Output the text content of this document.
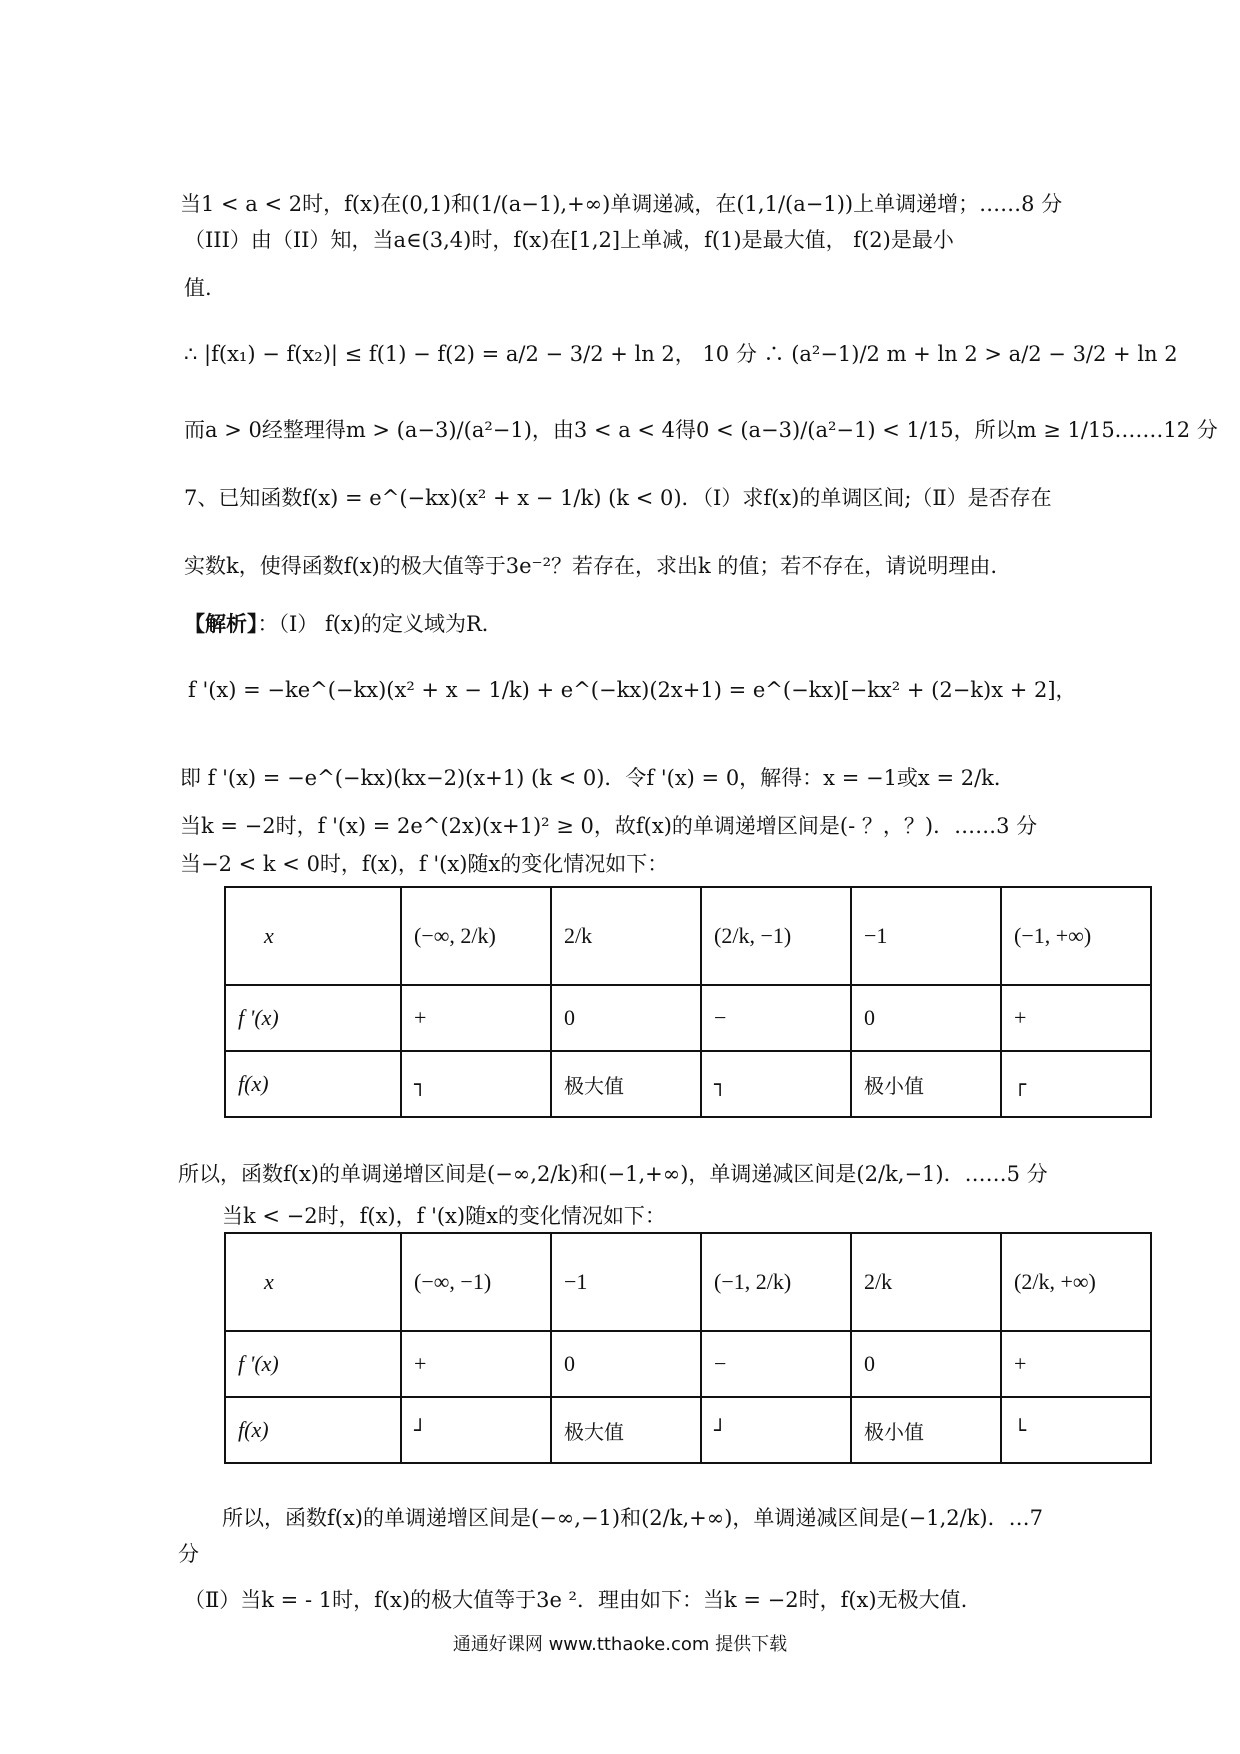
当1 < a < 2时，f(x)在(0,1)和(1/(a−1),+∞)单调递减，在(1,1/(a−1))上单调递增；……8 分
（III）由（II）知，当a∈(3,4)时，f(x)在[1,2]上单减，f(1)是最大值， f(2)是最小
值.
∴ |f(x₁) − f(x₂)| ≤ f(1) − f(2) = a/2 − 3/2 + ln 2， 10 分 ∴ (a²−1)/2 m + ln 2 > a/2 − 3/2 + ln 2
而a > 0经整理得m > (a−3)/(a²−1)，由3 < a < 4得0 < (a−3)/(a²−1) < 1/15，所以m ≥ 1/15.……12 分
7、已知函数f(x) = e^(−kx)(x² + x − 1/k) (k < 0)．（Ⅰ）求f(x)的单调区间;（Ⅱ）是否存在
实数k，使得函数f(x)的极大值等于3e⁻²？若存在，求出k 的值；若不存在，请说明理由.
【解析】：（Ⅰ） f(x)的定义域为R．
f '(x) = −ke^(−kx)(x² + x − 1/k) + e^(−kx)(2x+1) = e^(−kx)[−kx² + (2−k)x + 2]，
即 f '(x) = −e^(−kx)(kx−2)(x+1) (k < 0)．令f '(x) = 0，解得：x = −1或x = 2/k．
当k = −2时，f '(x) = 2e^(2x)(x+1)² ≥ 0，故f(x)的单调递增区间是(- ？，？)．……3 分
当−2 < k < 0时，f(x)，f '(x)随x的变化情况如下：
x	(−∞, 2/k)	2/k	(2/k, −1)	−1	(−1, +∞)
f '(x)	+	0	−	0	+
f(x)	┐	极大值	┐	极小值	┌
所以，函数f(x)的单调递增区间是(−∞,2/k)和(−1,+∞)，单调递减区间是(2/k,−1)．……5 分
当k < −2时，f(x)，f '(x)随x的变化情况如下：
x	(−∞, −1)	−1	(−1, 2/k)	2/k	(2/k, +∞)
f '(x)	+	0	−	0	+
f(x)	┘	极大值	┘	极小值	└
所以，函数f(x)的单调递增区间是(−∞,−1)和(2/k,+∞)，单调递减区间是(−1,2/k)．…7
分
（Ⅱ）当k = - 1时，f(x)的极大值等于3e ²．理由如下：当k = −2时，f(x)无极大值.
通通好课网 www.tthaoke.com 提供下载
